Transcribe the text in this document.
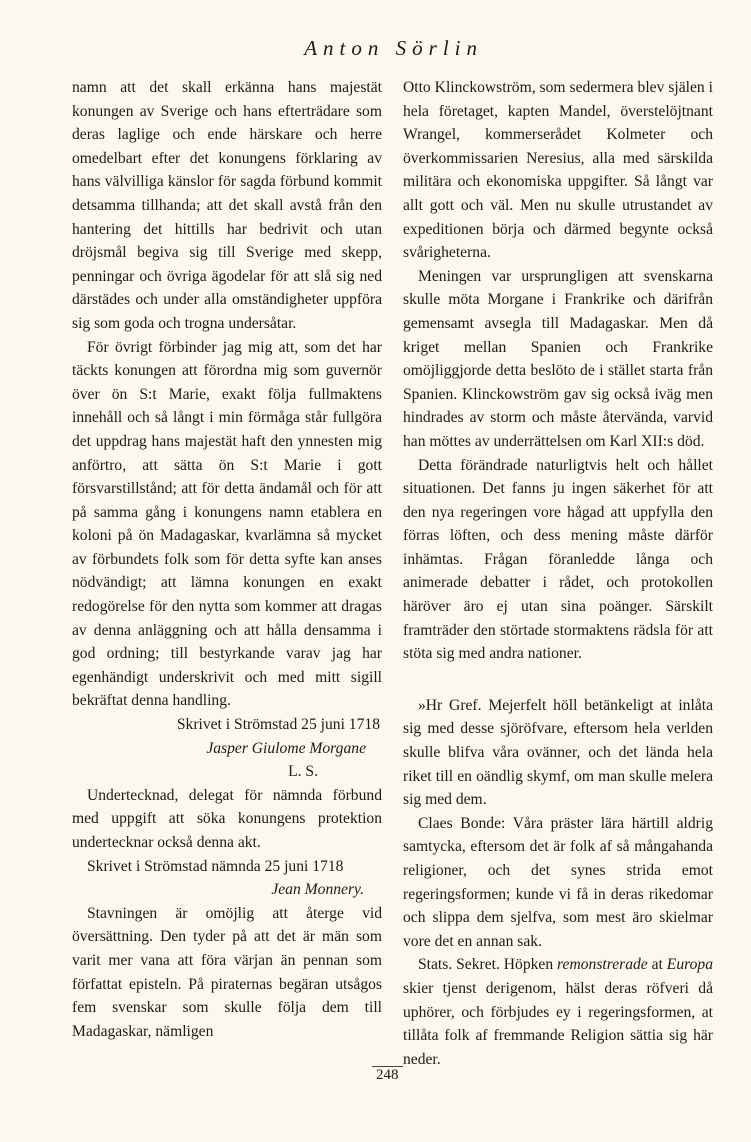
Anton Sörlin

namn att det skall erkänna hans majestät konungen av Sverige och hans efterträdare som deras laglige och ende härskare och herre omedelbart efter det konungens förklaring av hans välvilliga känslor för sagda förbund kommit detsamma tillhanda; att det skall avstå från den hantering det hittills har bedrivit och utan dröjsmål begiva sig till Sverige med skepp, penningar och övriga ägodelar för att slå sig ned därstädes och under alla omständigheter uppföra sig som goda och trogna undersåtar.

För övrigt förbinder jag mig att, som det har täckts konungen att förordna mig som guvernör över ön S:t Marie, exakt följa fullmaktens innehåll och så långt i min förmåga står fullgöra det uppdrag hans majestät haft den ynnesten mig anförtro, att sätta ön S:t Marie i gott försvarstillstånd; att för detta ändamål och för att på samma gång i konungens namn etablera en koloni på ön Madagaskar, kvarlämna så mycket av förbundets folk som för detta syfte kan anses nödvändigt; att lämna konungen en exakt redogörelse för den nytta som kommer att dragas av denna anläggning och att hålla densamma i god ordning; till bestyrkande varav jag har egenhändigt underskrivit och med mitt sigill bekräftat denna handling.

Skrivet i Strömstad 25 juni 1718

Jasper Giulome Morgane

L. S.

Undertecknad, delegat för nämnda förbund med uppgift att söka konungens protektion undertecknar också denna akt.

Skrivet i Strömstad nämnda 25 juni 1718

Jean Monnery.

Stavningen är omöjlig att återge vid översättning. Den tyder på att det är män som varit mer vana att föra värjan än pennan som författat episteln. På piraternas begäran utsågos fem svenskar som skulle följa dem till Madagaskar, nämligen

Otto Klinckowström, som sedermera blev själen i hela företaget, kapten Mandel, överstelöjtnant Wrangel, kommerserådet Kolmeter och överkommissarien Neresius, alla med särskilda militära och ekonomiska uppgifter. Så långt var allt gott och väl. Men nu skulle utrustandet av expeditionen börja och därmed begynte också svårigheterna.

Meningen var ursprungligen att svenskarna skulle möta Morgane i Frankrike och därifrån gemensamt avsegla till Madagaskar. Men då kriget mellan Spanien och Frankrike omöjliggjorde detta beslöto de i stället starta från Spanien. Klinckowström gav sig också iväg men hindrades av storm och måste återvända, varvid han möttes av underrättelsen om Karl XII:s död.

Detta förändrade naturligtvis helt och hållet situationen. Det fanns ju ingen säkerhet för att den nya regeringen vore hågad att uppfylla den förras löften, och dess mening måste därför inhämtas. Frågan föranledde långa och animerade debatter i rådet, och protokollen häröver äro ej utan sina poänger. Särskilt framträder den störtade stormaktens rädsla för att stöta sig med andra nationer.

»Hr Gref. Mejerfelt höll betänkeligt at inlåta sig med desse sjöröfvare, eftersom hela verlden skulle blifva våra ovänner, och det lända hela riket till en oändlig skymf, om man skulle melera sig med dem.

Claes Bonde: Våra präster lära härtill aldrig samtycka, eftersom det är folk af så mångahanda religioner, och det synes strida emot regeringsformen; kunde vi få in deras rikedomar och slippa dem sjelfva, som mest äro skielmar vore det en annan sak.

Stats. Sekret. Höpken remonstrerade at Europa skier tjenst derigenom, hälst deras röfveri då uphörer, och förbjudes ey i regeringsformen, at tillåta folk af fremmande Religion sättia sig här neder.

248
